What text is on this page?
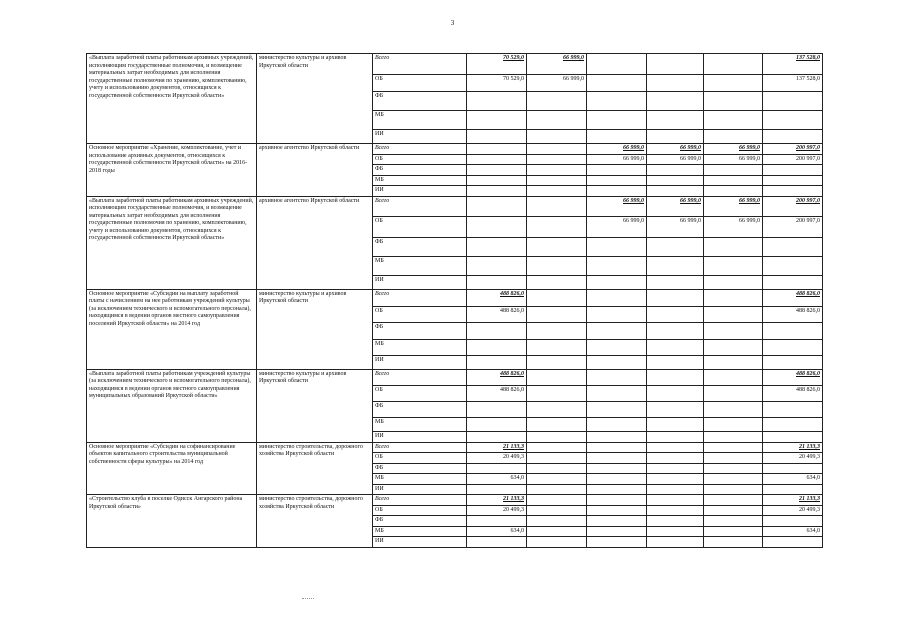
3
«Выплата заработной платы работникам архивных учреждений, исполняющим государственные полномочия, и возмещение материальных затрат необходимых для исполнения государственные полномочия по хранению, комплектованию, учету и использованию документов, относящихся к государственной собственности Иркутской области»	министерство культуры и архивов Иркутской области	Всего	70 529,0	66 999,0				137 528,0
		ОБ	70 529,0	66 999,0				137 528,0
		ФБ						
		МБ						
		ИИ						
Основное мероприятие «Хранение, комплектование, учет и использование архивных документов, относящихся к государственной собственности Иркутской области» на 2016-2018 годы	архивное агентство Иркутской области	Всего			66 999,0	66 999,0	66 999,0	200 997,0
		ОБ			66 999,0	66 999,0	66 999,0	200 997,0
		ФБ						
		МБ						
		ИИ						
«Выплата заработной платы работникам архивных учреждений, исполняющим государственные полномочия, и возмещение материальных затрат необходимых для исполнения государственные полномочия по хранению, комплектованию, учету и использованию документов, относящихся к государственной собственности Иркутской области»	архивное агентство Иркутской области	Всего			66 999,0	66 999,0	66 999,0	200 997,0
		ОБ			66 999,0	66 999,0	66 999,0	200 997,0
		ФБ						
		МБ						
		ИИ						
Основное мероприятие «Субсидии на выплату заработной платы с начислением на нее работникам учреждений культуры (за исключением технического и вспомогательного персонала), находящимся в ведении органов местного самоуправления поселений Иркутской области» на 2014 год	министерство культуры и архивов Иркутской области	Всего	488 826,0					488 826,0
		ОБ	488 826,0					488 826,0
		ФБ						
		МБ						
		ИИ						
«Выплата заработной платы работникам учреждений культуры (за исключением технического и вспомогательного персонала), находящимся в ведении органов местного самоуправления муниципальных образований Иркутской области»	министерство культуры и архивов Иркутской области	Всего	488 826,0					488 826,0
		ОБ	488 826,0					488 826,0
		ФБ						
		МБ						
		ИИ						
Основное мероприятие «Субсидии на софинансирование объектов капитального строительства муниципальной собственности сферы культуры» на 2014 год	министерство строительства, дорожного хозяйства Иркутской области	Всего	21 133,3					21 133,3
		ОБ	20 499,3					20 499,3
		ФБ						
		МБ	634,0					634,0
		ИИ						
«Строительство клуба в поселке Одисск Ангарского района Иркутской области»	министерство строительства, дорожного хозяйства Иркутской области	Всего	21 133,3					21 133,3
		ОБ	20 499,3					20 499,3
		ФБ						
		МБ	634,0					634,0
		ИИ						
